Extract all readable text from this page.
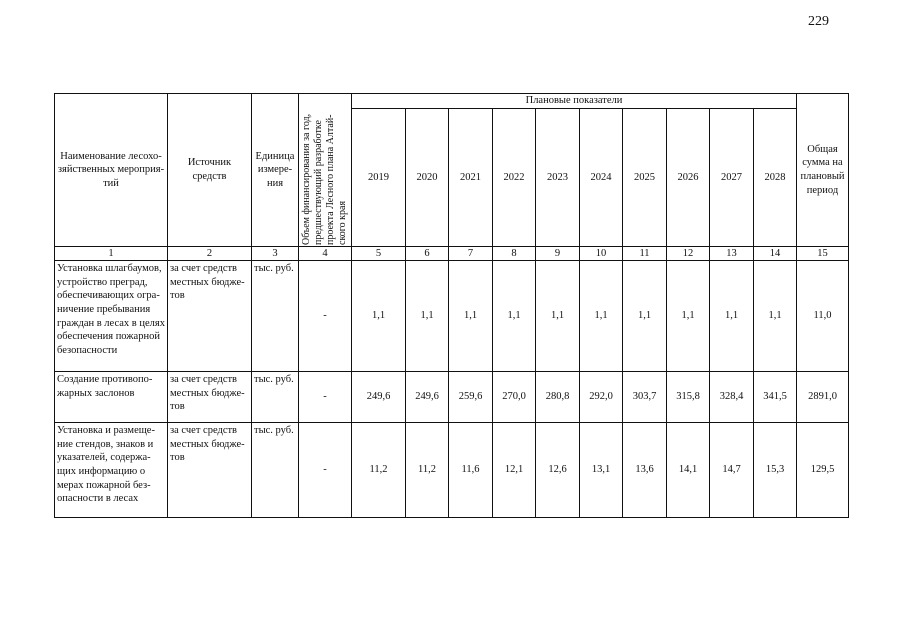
229
Наименование лесохо-зяйственных мероприя-тий	Источник средств	Единица измере-ния	Объем финансирования за год, предшествующий разработке проекта Лесного плана Алтай-ского края	Плановые показатели										Общая сумма на плановый период
				2019	2020	2021	2022	2023	2024	2025	2026	2027	2028	
1	2	3	4	5	6	7	8	9	10	11	12	13	14	15
Установка шлагбаумов, устройство преград, обеспечивающих огра-ничение пребывания граждан в лесах в целях обеспечения пожарной безопасности	за счет средств местных бюдже-тов	тыс. руб.	-	1,1	1,1	1,1	1,1	1,1	1,1	1,1	1,1	1,1	1,1	11,0
Создание противопо-жарных заслонов	за счет средств местных бюдже-тов	тыс. руб.	-	249,6	249,6	259,6	270,0	280,8	292,0	303,7	315,8	328,4	341,5	2891,0
Установка и размеще-ние стендов, знаков и указателей, содержа-щих информацию о мерах пожарной без-опасности в лесах	за счет средств местных бюдже-тов	тыс. руб.	-	11,2	11,2	11,6	12,1	12,6	13,1	13,6	14,1	14,7	15,3	129,5
